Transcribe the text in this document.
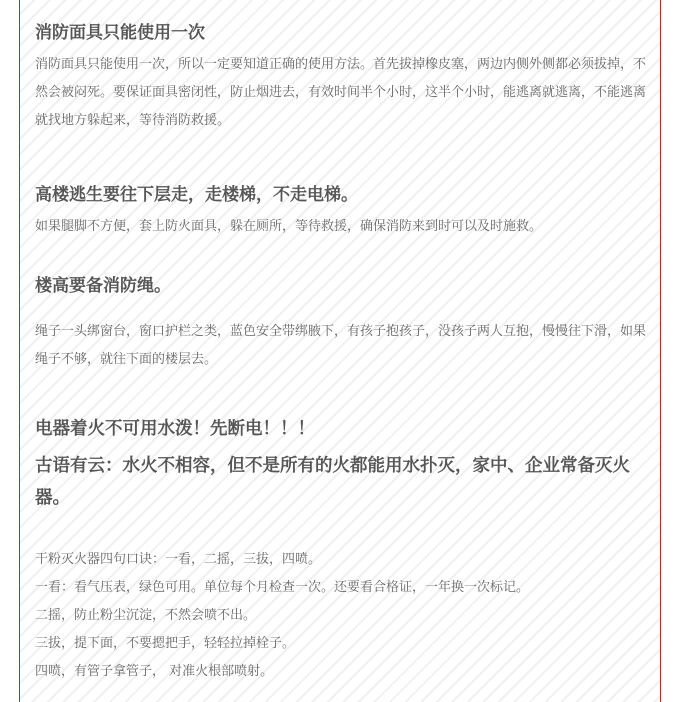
消防面具只能使用一次

消防面具只能使用一次，所以一定要知道正确的使用方法。首先拔掉橡皮塞，两边内侧外侧都必须拔掉，不然会被闷死。要保证面具密闭性，防止烟进去，有效时间半个小时，这半个小时，能逃离就逃离，不能逃离就找地方躲起来，等待消防救援。

高楼逃生要往下层走，走楼梯，不走电梯。

如果腿脚不方便，套上防火面具，躲在厕所，等待救援，确保消防来到时可以及时施救。

楼高要备消防绳。

绳子一头绑窗台，窗口护栏之类，蓝色安全带绑腋下，有孩子抱孩子，没孩子两人互抱，慢慢往下滑，如果绳子不够，就往下面的楼层去。

电器着火不可用水泼！先断电！！！
古语有云：水火不相容，但不是所有的火都能用水扑灭，家中、企业常备灭火器。

干粉灭火器四句口诀：一看，二摇，三拔，四喷。

一看：看气压表，绿色可用。单位每个月检查一次。还要看合格证，一年换一次标记。

二摇，防止粉尘沉淀，不然会喷不出。

三拔，提下面，不要摁把手，轻轻拉掉栓子。

四喷，有管子拿管子， 对准火根部喷射。
